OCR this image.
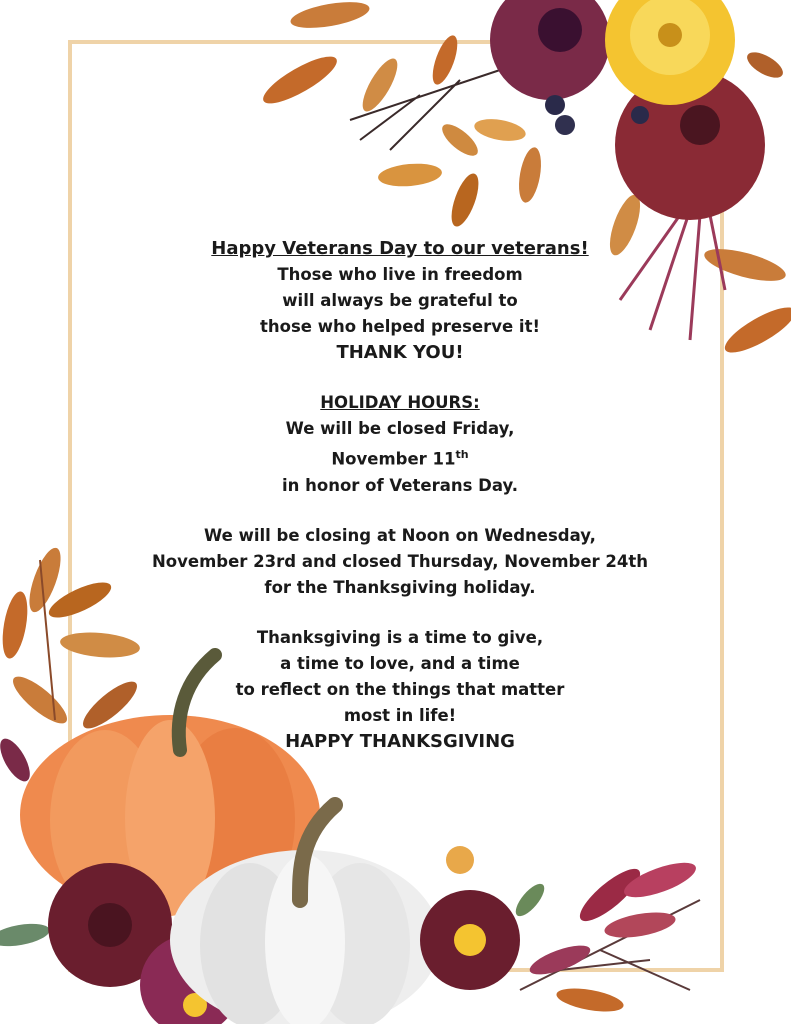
Happy Veterans Day to our veterans!
Those who live in freedom
will always be grateful to
those who helped preserve it!
THANK YOU!
HOLIDAY HOURS:
We will be closed Friday,
November 11th
in honor of Veterans Day.
We will be closing at Noon on Wednesday,
November 23rd and closed Thursday, November 24th
for the Thanksgiving holiday.
Thanksgiving is a time to give,
a time to love, and a time
to reflect on the things that matter
most in life!
HAPPY THANKSGIVING
